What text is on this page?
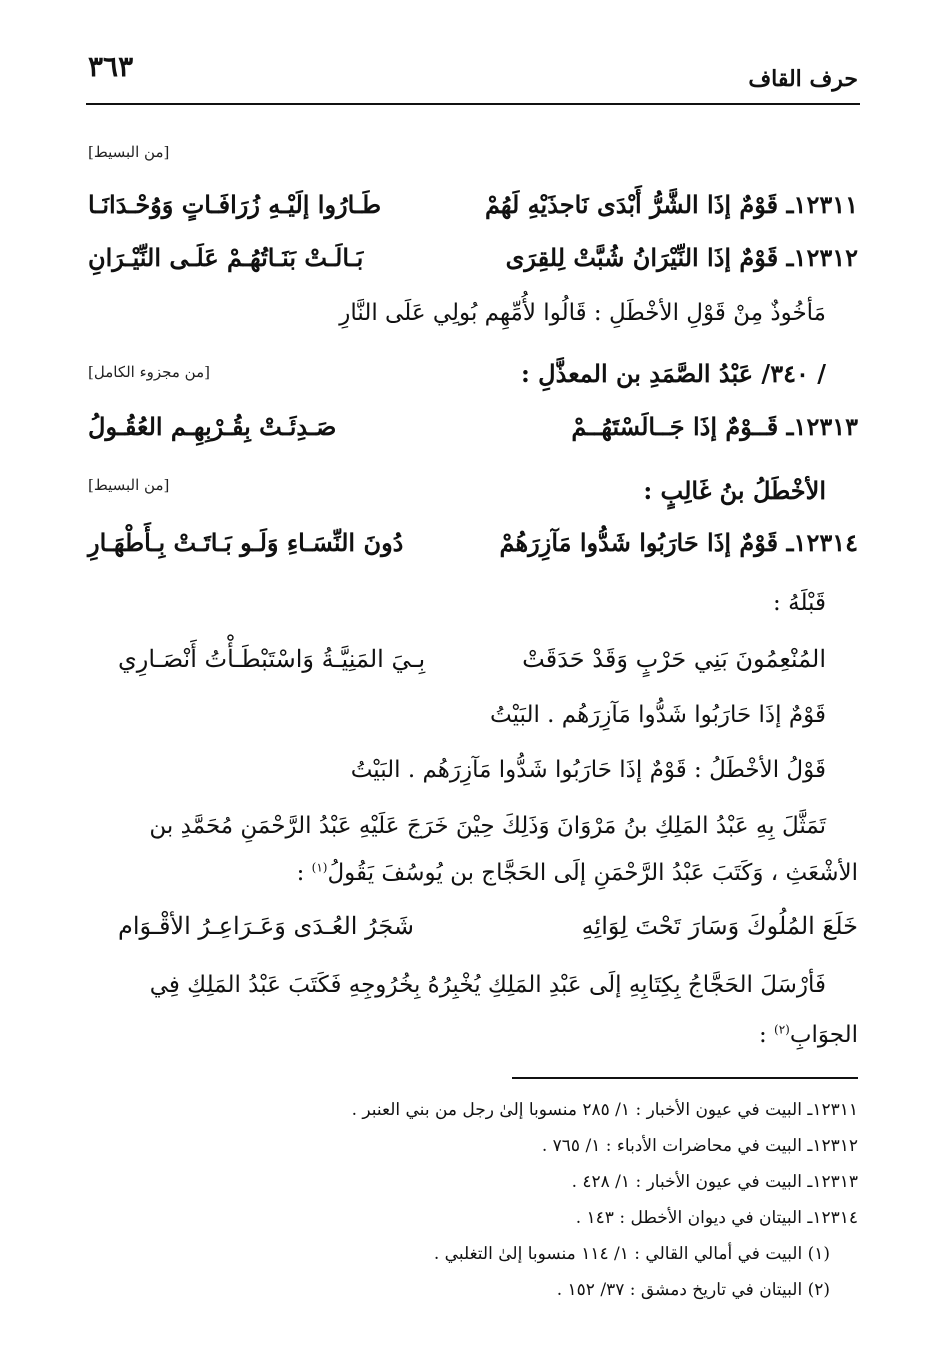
حرف القاف
٣٦٣
[من البسيط]
١٢٣١١ـ قَوْمٌ إذَا الشَّرُّ أَبْدَى نَاجذَيْهِ لَهُمْ
طَـارُوا إلَيْـهِ زُرَافَـاتٍ وَوُحْـدَانَـا
١٢٣١٢ـ قَوْمٌ إذَا النِّيْرَانُ شُبَّتْ لِلقِرَى
بَـالَـتْ بَنَـاتُهُـمْ عَلَـى النِّيْـرَانِ
مَأخُوذٌ مِنْ قَوْلِ الأخْطَلِ : قَالُوا لأُمِّهِم بُولِي عَلَى النَّارِ
/ ٣٤٠/ عَبْدُ الصَّمَدِ بن المعذَّلِ :
[من مجزوء الكامل]
١٢٣١٣ـ قَــوْمٌ إذَا جَــالَسْتَهُــمْ
صَـدِئَـتْ بِقُـرْبِهِـم العُقُـولُ
الأخْطَلُ بنُ غَالِبٍ :
[من البسيط]
١٢٣١٤ـ قَوْمٌ إذَا حَارَبُوا شَدُّوا مَآزِرَهُمْ
دُونَ النِّسَـاءِ وَلَـو بَـاتَـتْ بِـأَطْهَـارِ
قَبْلَهُ :
المُنْعِمُونَ بَنِي حَرْبٍ وَقَدْ حَدَقَتْ
بِـيَ المَنِيَّـةُ وَاسْتَبْطَـأْتُ أَنْصَـارِي
قَوْمٌ إذَا حَارَبُوا شَدُّوا مَآزِرَهُم . البَيْتُ
قَوْلُ الأخْطَلُ : قَوْمٌ إذَا حَارَبُوا شَدُّوا مَآزِرَهُم . البَيْتُ
تَمَثَّلَ بِهِ عَبْدُ المَلِكِ بنُ مَرْوَانَ وَذَلِكَ حِيْنَ خَرَجَ عَلَيْهِ عَبْدُ الرَّحْمَنِ مُحَمَّدِ بن
الأشْعَثِ ، وَكَتَبَ عَبْدُ الرَّحْمَنِ إلَى الحَجَّاج بن يُوسُفَ يَقُولُ$^{(١)}$ :
خَلَعَ المُلُوكَ وَسَارَ تَحْتَ لِوَائِهِ
شَجَرُ العُـدَى وَعَـرَاعِـرُ الأقْـوَام
فَأرْسَلَ الحَجَّاجُ بِكِتَابِهِ إلَى عَبْدِ المَلِكِ يُخْبِرُهُ بِخُرُوجِهِ فَكَتَبَ عَبْدُ المَلِكِ فِي
الجوَابِ$^{(٢)}$ :
١٢٣١١ـ البيت في عيون الأخبار : ١/ ٢٨٥ منسوبا إلىٰ رجل من بني العنبر .
١٢٣١٢ـ البيت في محاضرات الأدباء : ١/ ٧٦٥ .
١٢٣١٣ـ البيت في عيون الأخبار : ١/ ٤٢٨ .
١٢٣١٤ـ البيتان في ديوان الأخطل : ١٤٣ .
(١) البيت في أمالي القالي : ١/ ١١٤ منسوبا إلىٰ التغلبي .
(٢) البيتان في تاريخ دمشق : ٣٧/ ١٥٢ .
